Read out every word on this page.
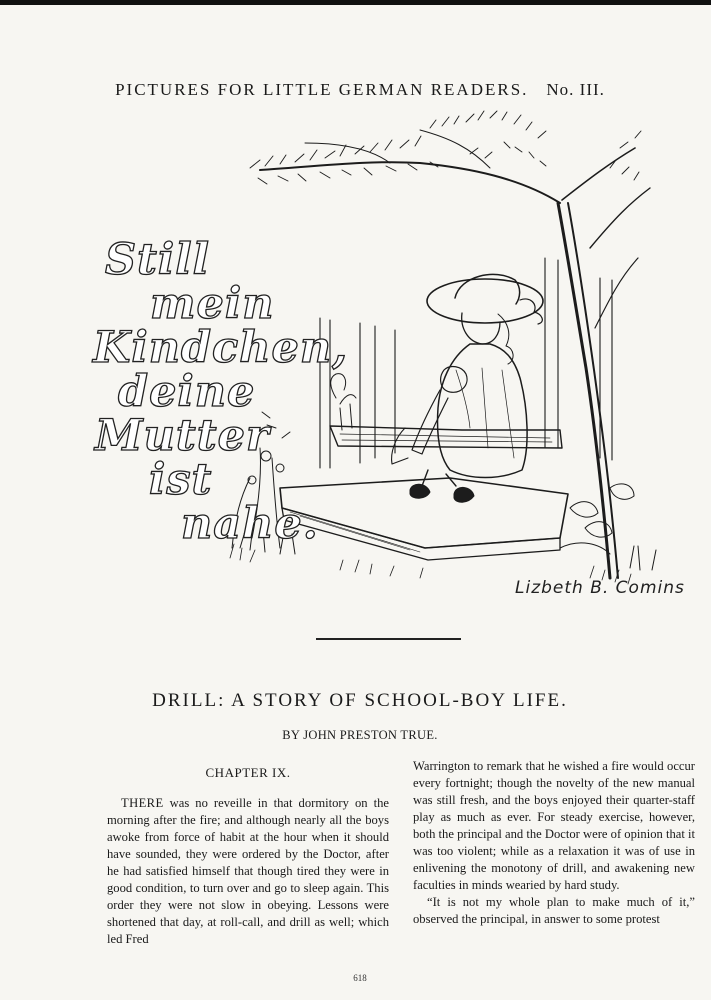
PICTURES FOR LITTLE GERMAN READERS. No. III.
Still
mein
Kindchen,
deine
Mutter
ist
nahe.
Lizbeth B. Comins
DRILL: A STORY OF SCHOOL-BOY LIFE.
BY JOHN PRESTON TRUE.
CHAPTER IX.

THERE was no reveille in that dormitory on the morning after the fire; and although nearly all the boys awoke from force of habit at the hour when it should have sounded, they were ordered by the Doctor, after he had satisfied himself that though tired they were in good condition, to turn over and go to sleep again. This order they were not slow in obeying. Lessons were shortened that day, at roll-call, and drill as well; which led Fred

Warrington to remark that he wished a fire would occur every fortnight; though the novelty of the new manual was still fresh, and the boys enjoyed their quarter-staff play as much as ever. For steady exercise, however, both the principal and the Doctor were of opinion that it was too violent; while as a relaxation it was of use in enlivening the monotony of drill, and awakening new faculties in minds wearied by hard study.

“It is not my whole plan to make much of it,” observed the principal, in answer to some protest

618
